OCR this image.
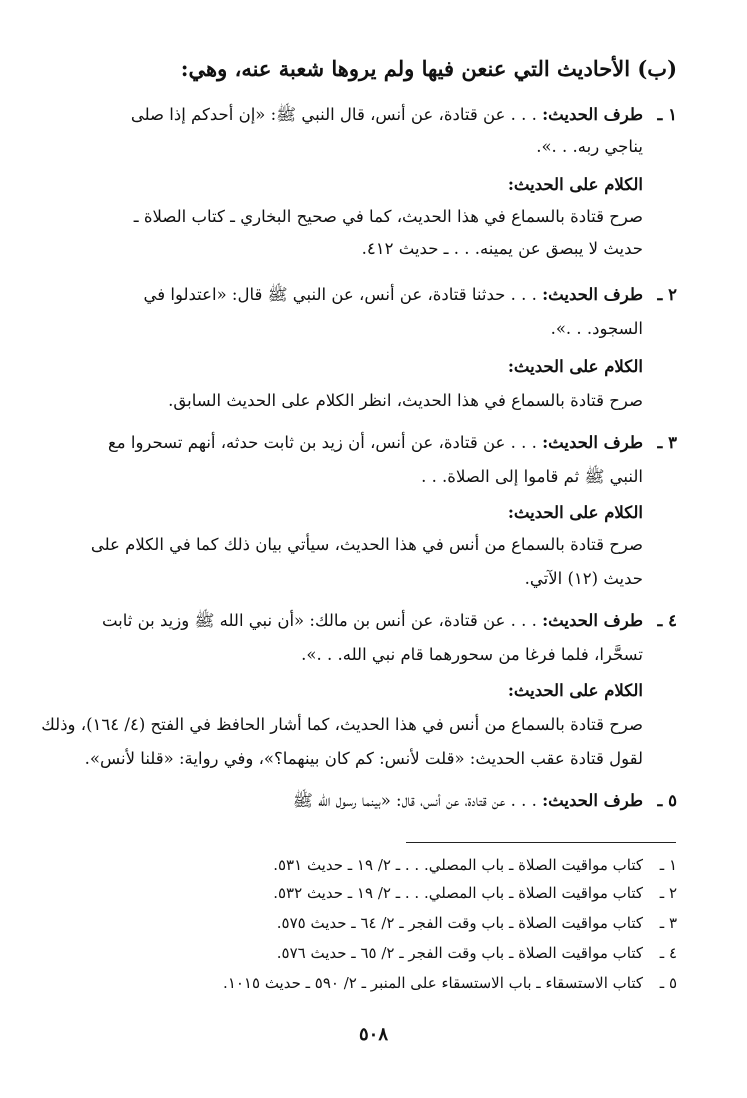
(ب) الأحاديث التي عنعن فيها ولم يروها شعبة عنه، وهي:
١ ـطرف الحديث: . . . عن قتادة، عن أنس، قال النبي ﷺ: «إن أحدكم إذا صلى
يناجي ربه. . .».
الكلام على الحديث:
صرح قتادة بالسماع في هذا الحديث، كما في صحيح البخاري ـ كتاب الصلاة ـ
حديث لا يبصق عن يمينه. . . ـ حديث ٤١٢.
٢ ـطرف الحديث: . . . حدثنا قتادة، عن أنس، عن النبي ﷺ قال: «اعتدلوا في
السجود. . .».
الكلام على الحديث:
صرح قتادة بالسماع في هذا الحديث، انظر الكلام على الحديث السابق.
٣ ـطرف الحديث: . . . عن قتادة، عن أنس، أن زيد بن ثابت حدثه، أنهم تسحروا مع
النبي ﷺ ثم قاموا إلى الصلاة. . .
الكلام على الحديث:
صرح قتادة بالسماع من أنس في هذا الحديث، سيأتي بيان ذلك كما في الكلام على
حديث (١٢) الآتي.
٤ ـطرف الحديث: . . . عن قتادة، عن أنس بن مالك: «أن نبي الله ﷺ وزيد بن ثابت
تسحَّرا، فلما فرغا من سحورهما قام نبي الله. . .».
الكلام على الحديث:
صرح قتادة بالسماع من أنس في هذا الحديث، كما أشار الحافظ في الفتح (٤/ ١٦٤)، وذلك
لقول قتادة عقب الحديث: «قلت لأنس: كم كان بينهما؟»، وفي رواية: «قلنا لأنس».
٥ ـطرف الحديث: . . . عن قتادة، عن أنس، قال: «بينما رسول الله ﷺ
١ ـكتاب مواقيت الصلاة ـ باب المصلي. . . ـ ٢/ ١٩ ـ حديث ٥٣١.
٢ ـكتاب مواقيت الصلاة ـ باب المصلي. . . ـ ٢/ ١٩ ـ حديث ٥٣٢.
٣ ـكتاب مواقيت الصلاة ـ باب وقت الفجر ـ ٢/ ٦٤ ـ حديث ٥٧٥.
٤ ـكتاب مواقيت الصلاة ـ باب وقت الفجر ـ ٢/ ٦٥ ـ حديث ٥٧٦.
٥ ـكتاب الاستسقاء ـ باب الاستسقاء على المنبر ـ ٢/ ٥٩٠ ـ حديث ١٠١٥.
٥٠٨
